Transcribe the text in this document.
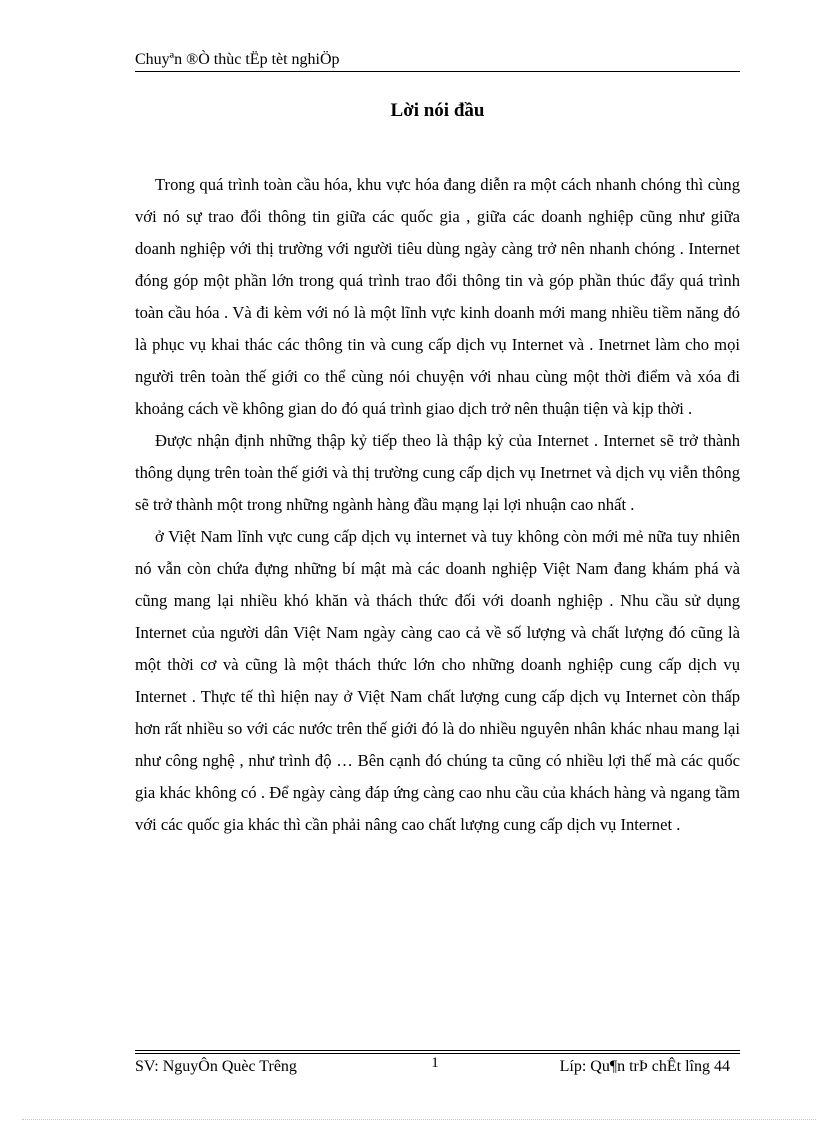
Chuyªn ®Ò thùc tËp tèt nghiÖp
Lời nói đầu

Trong quá trình toàn cầu hóa, khu vực hóa đang diễn ra một cách nhanh chóng thì cùng với nó sự trao đổi thông tin giữa các quốc gia , giữa các doanh nghiệp cũng như giữa doanh nghiệp với thị trường với người tiêu dùng ngày càng trở nên nhanh chóng . Internet đóng góp một phần lớn trong quá trình trao đổi thông tin và góp phần thúc đẩy quá trình toàn cầu hóa . Và đi kèm với nó là một lĩnh vực kinh doanh mới mang nhiều tiềm năng đó là phục vụ khai thác các thông tin và cung cấp dịch vụ Internet và . Inetrnet làm cho mọi người trên toàn thế giới co thể cùng nói chuyện với nhau cùng một thời điểm và xóa đi khoảng cách về không gian do đó quá trình giao dịch trở nên thuận tiện và kịp thời .

Được nhận định những thập kỷ tiếp theo là thập kỷ của Internet . Internet sẽ trở thành thông dụng trên toàn thế giới và thị trường cung cấp dịch vụ Inetrnet và dịch vụ viễn thông sẽ trở thành một trong những ngành hàng đầu mạng lại lợi nhuận cao nhất .

ở Việt Nam lĩnh vực cung cấp dịch vụ internet và tuy không còn mới mẻ nữa tuy nhiên nó vẫn còn chứa đựng những bí mật mà các doanh nghiệp Việt Nam đang khám phá và cũng mang lại nhiều khó khăn và thách thức đối với doanh nghiệp . Nhu cầu sử dụng Internet của người dân Việt Nam ngày càng cao cả về số lượng và chất lượng đó cũng là một thời cơ và cũng là một thách thức lớn cho những doanh nghiệp cung cấp dịch vụ Internet . Thực tế thì hiện nay ở Việt Nam chất lượng cung cấp dịch vụ Internet còn thấp hơn rất nhiều so với các nước trên thế giới đó là do nhiều nguyên nhân khác nhau mang lại như công nghệ , như trình độ … Bên cạnh đó chúng ta cũng có nhiều lợi thế mà các quốc gia khác không có . Để ngày càng đáp ứng càng cao nhu cầu của khách hàng và ngang tầm với các quốc gia khác thì cần phải nâng cao chất lượng cung cấp dịch vụ Internet .

SV: NguyÔn Quèc Trêng	1	Líp: Qu¶n trÞ chÊt lîng 44
